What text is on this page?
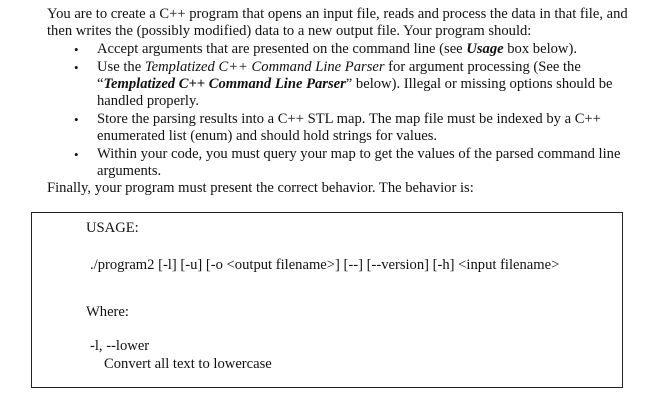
You are to create a C++ program that opens an input file, reads and process the data in that file, and then writes the (possibly modified) data to a new output file. Your program should:

• Accept arguments that are presented on the command line (see Usage box below).
• Use the Templatized C++ Command Line Parser for argument processing (See the “Templatized C++ Command Line Parser” below). Illegal or missing options should be handled properly.
• Store the parsing results into a C++ STL map. The map file must be indexed by a C++ enumerated list (enum) and should hold strings for values.
• Within your code, you must query your map to get the values of the parsed command line arguments.

Finally, your program must present the correct behavior. The behavior is:

USAGE:
./program2 [-l] [-u] [-o <output filename>] [--] [--version] [-h] <input filename>
Where:
-l, --lower
Convert all text to lowercase
